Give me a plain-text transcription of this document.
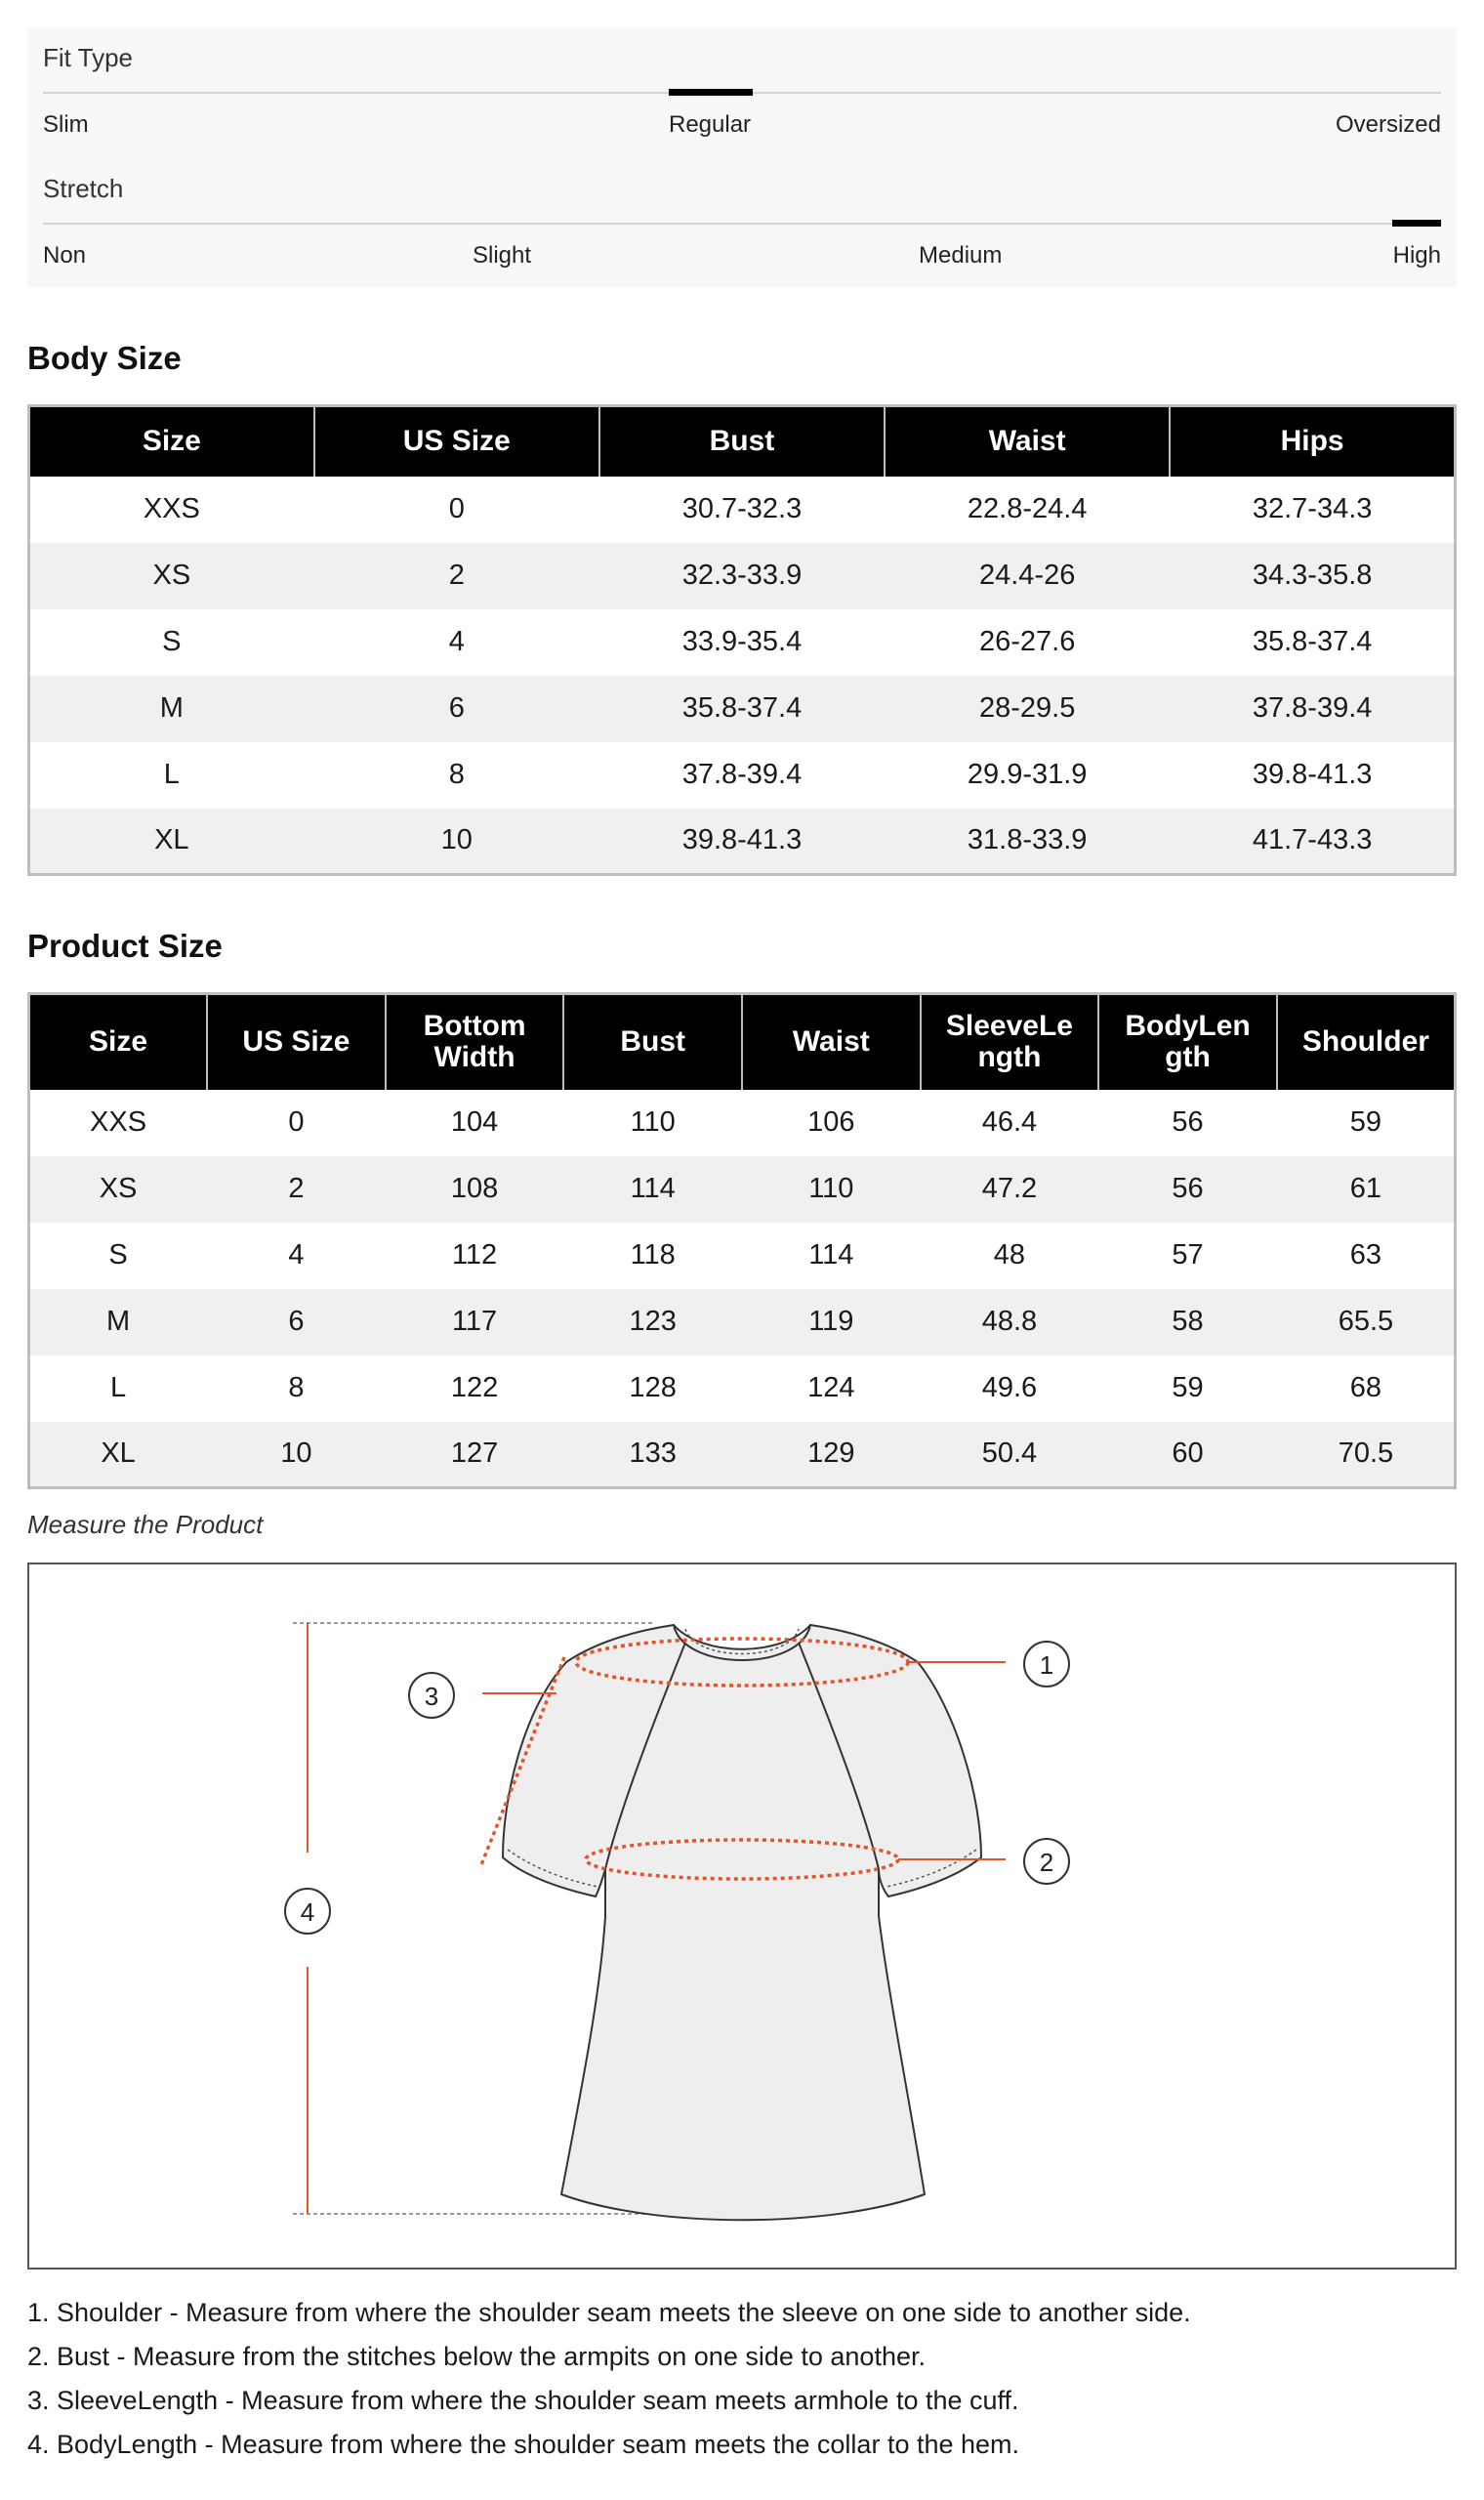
Fit Type
Slim	Regular	Oversized
Stretch
Non	Slight	Medium	High
Body Size
Size	US Size	Bust	Waist	Hips
XXS	0	30.7-32.3	22.8-24.4	32.7-34.3
XS	2	32.3-33.9	24.4-26	34.3-35.8
S	4	33.9-35.4	26-27.6	35.8-37.4
M	6	35.8-37.4	28-29.5	37.8-39.4
L	8	37.8-39.4	29.9-31.9	39.8-41.3
XL	10	39.8-41.3	31.8-33.9	41.7-43.3
Product Size
Size	US Size	Bottom Width	Bust	Waist	SleeveLe ngth	BodyLen gth	Shoulder
XXS	0	104	110	106	46.4	56	59
XS	2	108	114	110	47.2	56	61
S	4	112	118	114	48	57	63
M	6	117	123	119	48.8	58	65.5
L	8	122	128	124	49.6	59	68
XL	10	127	133	129	50.4	60	70.5
Measure the Product
1
2
3
4

1. Shoulder - Measure from where the shoulder seam meets the sleeve on one side to another side.

2. Bust - Measure from the stitches below the armpits on one side to another.

3. SleeveLength - Measure from where the shoulder seam meets armhole to the cuff.

4. BodyLength - Measure from where the shoulder seam meets the collar to the hem.
